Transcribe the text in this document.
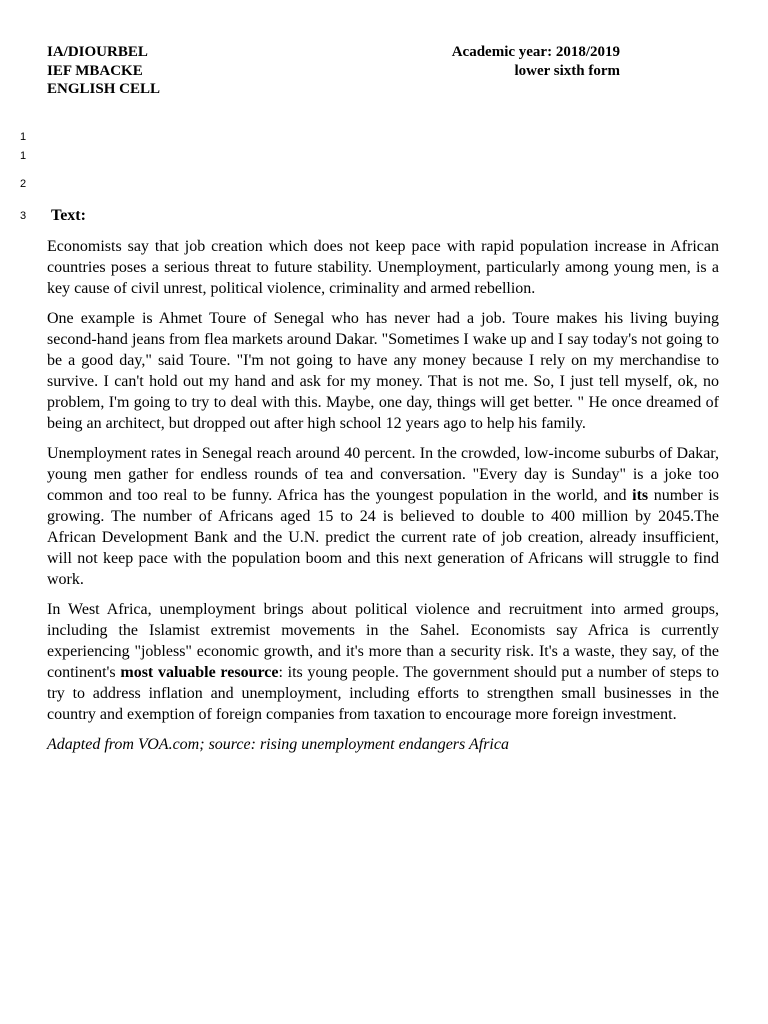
IA/DIOURBEL
IEF MBACKE
ENGLISH CELL
Academic year: 2018/2019
lower sixth form
1
1
2
3 Text:

Economists say that job creation which does not keep pace with rapid population increase in African countries poses a serious threat to future stability. Unemployment, particularly among young men, is a key cause of civil unrest, political violence, criminality and armed rebellion.

One example is Ahmet Toure of Senegal who has never had a job. Toure makes his living buying second-hand jeans from flea markets around Dakar. "Sometimes I wake up and I say today's not going to be a good day," said Toure. "I'm not going to have any money because I rely on my merchandise to survive. I can't hold out my hand and ask for my money. That is not me. So, I just tell myself, ok, no problem, I'm going to try to deal with this. Maybe, one day, things will get better. " He once dreamed of being an architect, but dropped out after high school 12 years ago to help his family.

Unemployment rates in Senegal reach around 40 percent. In the crowded, low-income suburbs of Dakar, young men gather for endless rounds of tea and conversation. "Every day is Sunday" is a joke too common and too real to be funny. Africa has the youngest population in the world, and its number is growing. The number of Africans aged 15 to 24 is believed to double to 400 million by 2045.The African Development Bank and the U.N. predict the current rate of job creation, already insufficient, will not keep pace with the population boom and this next generation of Africans will struggle to find work.

In West Africa, unemployment brings about political violence and recruitment into armed groups, including the Islamist extremist movements in the Sahel. Economists say Africa is currently experiencing "jobless" economic growth, and it's more than a security risk. It's a waste, they say, of the continent's most valuable resource: its young people. The government should put a number of steps to try to address inflation and unemployment, including efforts to strengthen small businesses in the country and exemption of foreign companies from taxation to encourage more foreign investment.

Adapted from VOA.com; source: rising unemployment endangers Africa
